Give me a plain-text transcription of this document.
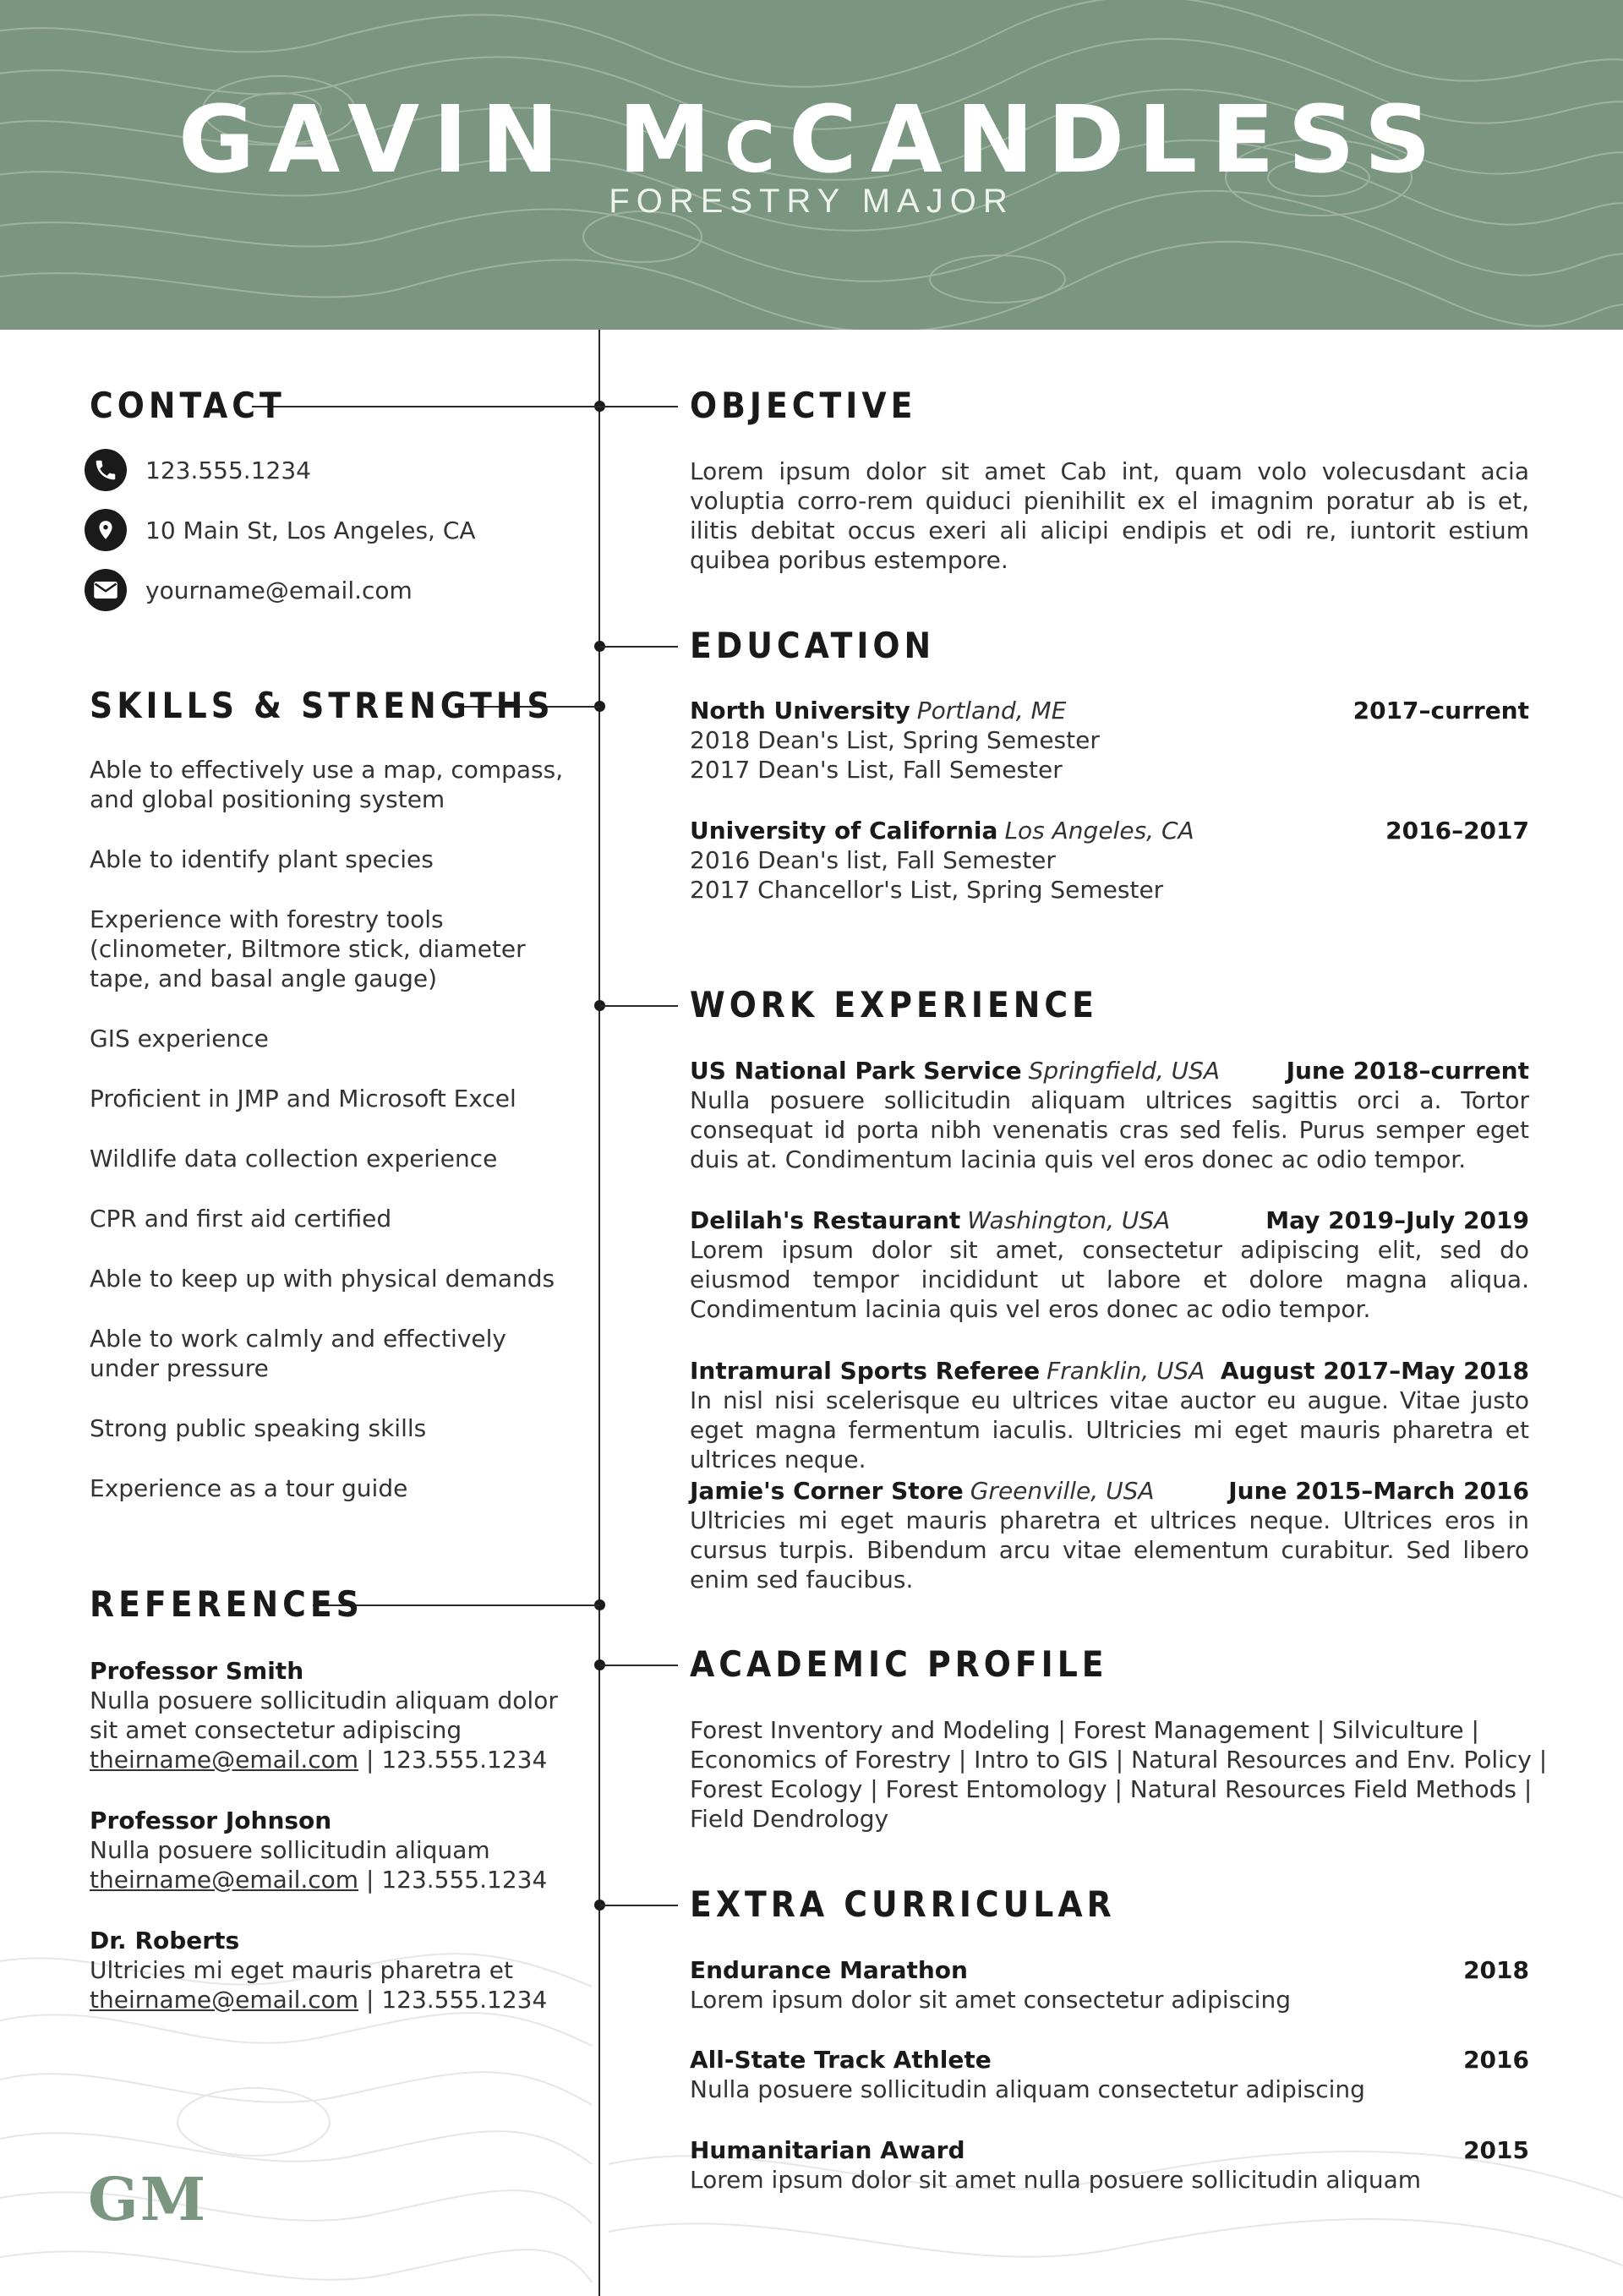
GAVIN MCCANDLESS
FORESTRY MAJOR
CONTACT
123.555.1234
10 Main St, Los Angeles, CA
yourname@email.com
SKILLS & STRENGTHS
Able to effectively use a map, compass, and global positioning system
Able to identify plant species
Experience with forestry tools (clinometer, Biltmore stick, diameter tape, and basal angle gauge)
GIS experience
Proficient in JMP and Microsoft Excel
Wildlife data collection experience
CPR and first aid certified
Able to keep up with physical demands
Able to work calmly and effectively under pressure
Strong public speaking skills
Experience as a tour guide
REFERENCES
Professor Smith
Nulla posuere sollicitudin aliquam dolor sit amet consectetur adipiscing
theirname@email.com | 123.555.1234
Professor Johnson
Nulla posuere sollicitudin aliquam
theirname@email.com | 123.555.1234
Dr. Roberts
Ultricies mi eget mauris pharetra et
theirname@email.com | 123.555.1234
GM
OBJECTIVE
Lorem ipsum dolor sit amet Cab int, quam volo volecusdant acia voluptia corro-rem quiduci pienihilit ex el imagnim poratur ab is et, ilitis debitat occus exeri ali alicipi endipis et odi re, iuntorit estium quibea poribus estempore.
EDUCATION
North University Portland, ME	2017–current
2018 Dean's List, Spring Semester
2017 Dean's List, Fall Semester
University of California Los Angeles, CA	2016–2017
2016 Dean's list, Fall Semester
2017 Chancellor's List, Spring Semester
WORK EXPERIENCE
US National Park Service Springfield, USA	June 2018–current
Nulla posuere sollicitudin aliquam ultrices sagittis orci a. Tortor consequat id porta nibh venenatis cras sed felis. Purus semper eget duis at. Condimentum lacinia quis vel eros donec ac odio tempor.
Delilah's Restaurant Washington, USA	May 2019–July 2019
Lorem ipsum dolor sit amet, consectetur adipiscing elit, sed do eiusmod tempor incididunt ut labore et dolore magna aliqua. Condimentum lacinia quis vel eros donec ac odio tempor.
Intramural Sports Referee Franklin, USA August 2017–May 2018
In nisl nisi scelerisque eu ultrices vitae auctor eu augue. Vitae justo eget magna fermentum iaculis. Ultricies mi eget mauris pharetra et ultrices neque.
Jamie's Corner Store Greenville, USA	June 2015–March 2016
Ultricies mi eget mauris pharetra et ultrices neque. Ultrices eros in cursus turpis. Bibendum arcu vitae elementum curabitur. Sed libero enim sed faucibus.
ACADEMIC PROFILE
Forest Inventory and Modeling | Forest Management | Silviculture | Economics of Forestry | Intro to GIS | Natural Resources and Env. Policy | Forest Ecology | Forest Entomology | Natural Resources Field Methods | Field Dendrology
EXTRA CURRICULAR
Endurance Marathon	2018
Lorem ipsum dolor sit amet consectetur adipiscing
All-State Track Athlete	2016
Nulla posuere sollicitudin aliquam consectetur adipiscing
Humanitarian Award	2015
Lorem ipsum dolor sit amet nulla posuere sollicitudin aliquam
